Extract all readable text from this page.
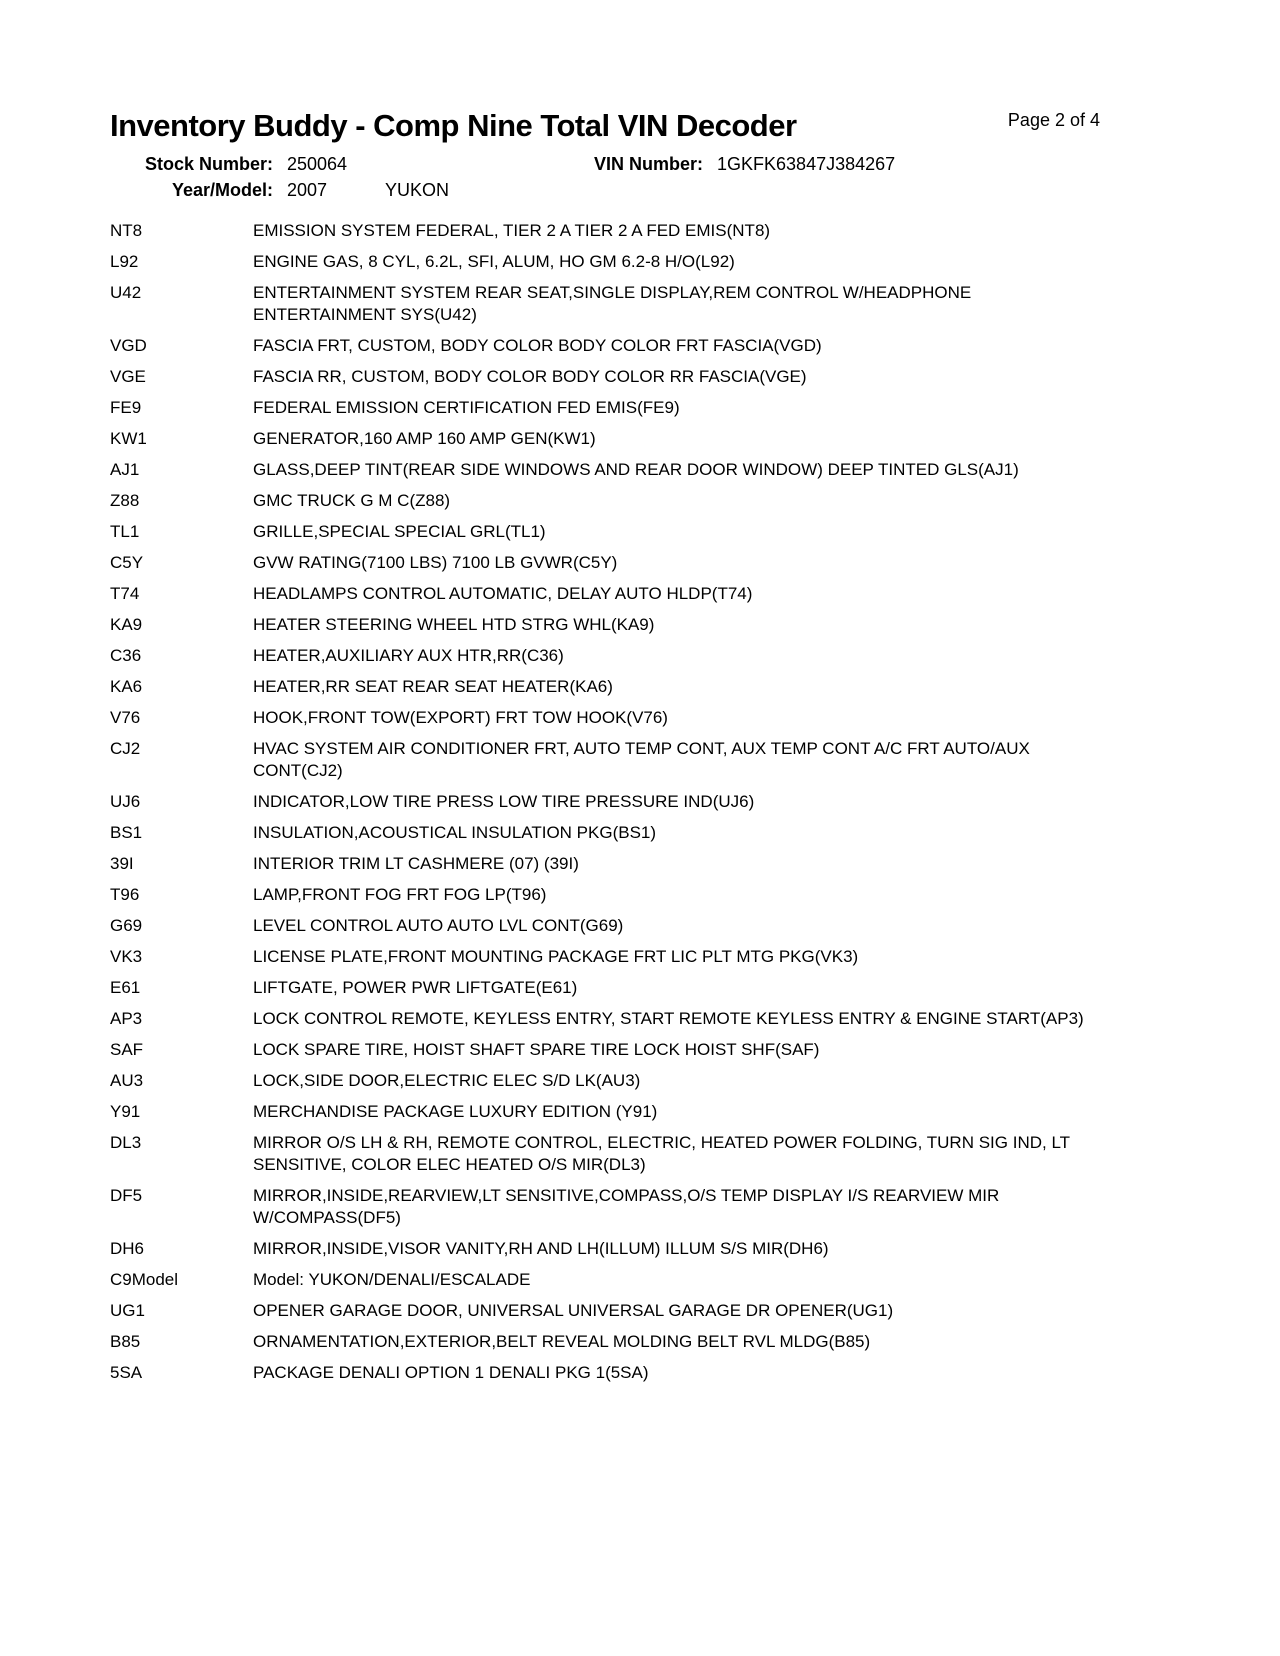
Inventory Buddy - Comp Nine Total VIN Decoder	Page 2 of 4
Stock Number: 250064	VIN Number: 1GKFK63847J384267
Year/Model: 2007	YUKON
NT8	EMISSION SYSTEM FEDERAL, TIER 2 A TIER 2 A FED EMIS(NT8)
L92	ENGINE GAS, 8 CYL, 6.2L, SFI, ALUM, HO GM 6.2-8 H/O(L92)
U42	ENTERTAINMENT SYSTEM REAR SEAT,SINGLE DISPLAY,REM CONTROL W/HEADPHONE ENTERTAINMENT SYS(U42)
VGD	FASCIA FRT, CUSTOM, BODY COLOR BODY COLOR FRT FASCIA(VGD)
VGE	FASCIA RR, CUSTOM, BODY COLOR BODY COLOR RR FASCIA(VGE)
FE9	FEDERAL EMISSION CERTIFICATION FED EMIS(FE9)
KW1	GENERATOR,160 AMP 160 AMP GEN(KW1)
AJ1	GLASS,DEEP TINT(REAR SIDE WINDOWS AND REAR DOOR WINDOW) DEEP TINTED GLS(AJ1)
Z88	GMC TRUCK G M C(Z88)
TL1	GRILLE,SPECIAL SPECIAL GRL(TL1)
C5Y	GVW RATING(7100 LBS) 7100 LB GVWR(C5Y)
T74	HEADLAMPS CONTROL AUTOMATIC, DELAY AUTO HLDP(T74)
KA9	HEATER STEERING WHEEL HTD STRG WHL(KA9)
C36	HEATER,AUXILIARY AUX HTR,RR(C36)
KA6	HEATER,RR SEAT REAR SEAT HEATER(KA6)
V76	HOOK,FRONT TOW(EXPORT) FRT TOW HOOK(V76)
CJ2	HVAC SYSTEM AIR CONDITIONER FRT, AUTO TEMP CONT, AUX TEMP CONT A/C FRT AUTO/AUX CONT(CJ2)
UJ6	INDICATOR,LOW TIRE PRESS LOW TIRE PRESSURE IND(UJ6)
BS1	INSULATION,ACOUSTICAL INSULATION PKG(BS1)
39I	INTERIOR TRIM LT CASHMERE (07) (39I)
T96	LAMP,FRONT FOG FRT FOG LP(T96)
G69	LEVEL CONTROL AUTO AUTO LVL CONT(G69)
VK3	LICENSE PLATE,FRONT MOUNTING PACKAGE FRT LIC PLT MTG PKG(VK3)
E61	LIFTGATE, POWER PWR LIFTGATE(E61)
AP3	LOCK CONTROL REMOTE, KEYLESS ENTRY, START REMOTE KEYLESS ENTRY & ENGINE START(AP3)
SAF	LOCK SPARE TIRE, HOIST SHAFT SPARE TIRE LOCK HOIST SHF(SAF)
AU3	LOCK,SIDE DOOR,ELECTRIC ELEC S/D LK(AU3)
Y91	MERCHANDISE PACKAGE LUXURY EDITION (Y91)
DL3	MIRROR O/S LH & RH, REMOTE CONTROL, ELECTRIC, HEATED POWER FOLDING, TURN SIG IND, LT SENSITIVE, COLOR ELEC HEATED O/S MIR(DL3)
DF5	MIRROR,INSIDE,REARVIEW,LT SENSITIVE,COMPASS,O/S TEMP DISPLAY I/S REARVIEW MIR W/COMPASS(DF5)
DH6	MIRROR,INSIDE,VISOR VANITY,RH AND LH(ILLUM) ILLUM S/S MIR(DH6)
C9Model	Model: YUKON/DENALI/ESCALADE
UG1	OPENER GARAGE DOOR, UNIVERSAL UNIVERSAL GARAGE DR OPENER(UG1)
B85	ORNAMENTATION,EXTERIOR,BELT REVEAL MOLDING BELT RVL MLDG(B85)
5SA	PACKAGE DENALI OPTION 1 DENALI PKG 1(5SA)
